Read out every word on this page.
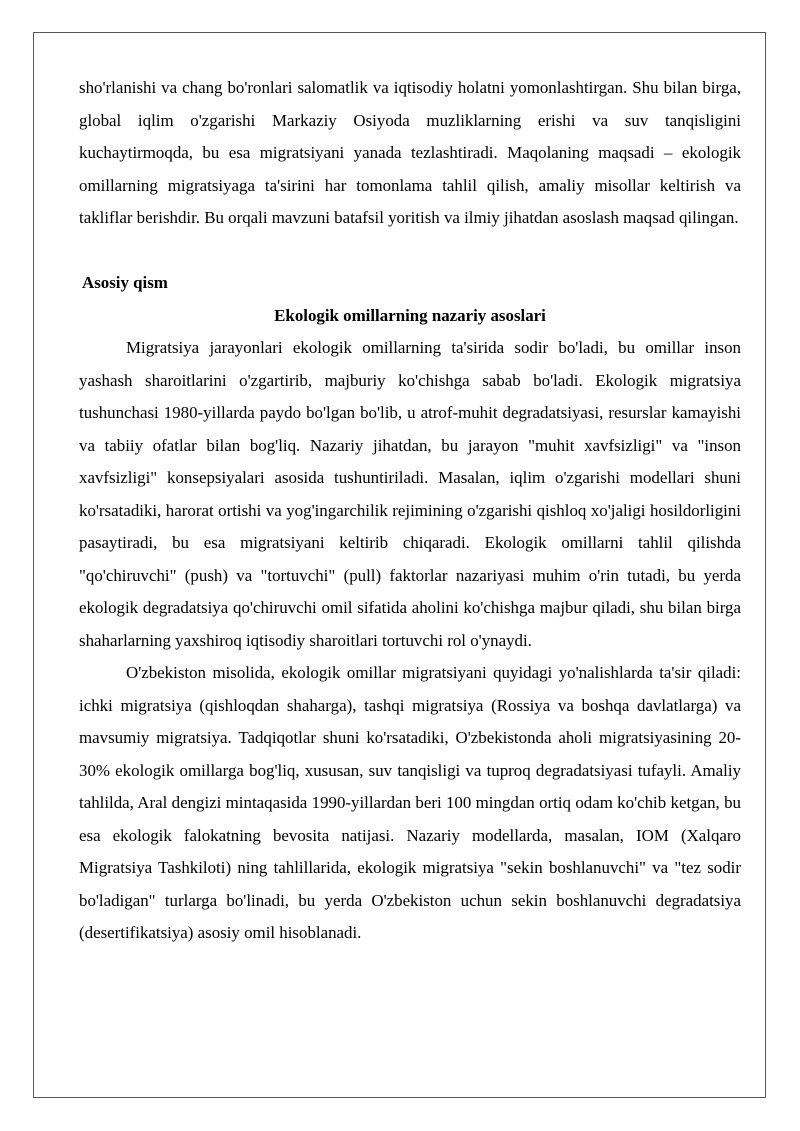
sho'rlanishi va chang bo'ronlari salomatlik va iqtisodiy holatni yomonlashtirgan. Shu bilan birga, global iqlim o'zgarishi Markaziy Osiyoda muzliklarning erishi va suv tanqisligini kuchaytirmoqda, bu esa migratsiyani yanada tezlashtiradi. Maqolaning maqsadi – ekologik omillarning migratsiyaga ta'sirini har tomonlama tahlil qilish, amaliy misollar keltirish va takliflar berishdir. Bu orqali mavzuni batafsil yoritish va ilmiy jihatdan asoslash maqsad qilingan.

Asosiy qism

Ekologik omillarning nazariy asoslari

Migratsiya jarayonlari ekologik omillarning ta'sirida sodir bo'ladi, bu omillar inson yashash sharoitlarini o'zgartirib, majburiy ko'chishga sabab bo'ladi. Ekologik migratsiya tushunchasi 1980-yillarda paydo bo'lgan bo'lib, u atrof-muhit degradatsiyasi, resurslar kamayishi va tabiiy ofatlar bilan bog'liq. Nazariy jihatdan, bu jarayon "muhit xavfsizligi" va "inson xavfsizligi" konsepsiyalari asosida tushuntiriladi. Masalan, iqlim o'zgarishi modellari shuni ko'rsatadiki, harorat ortishi va yog'ingarchilik rejimining o'zgarishi qishloq xo'jaligi hosildorligini pasaytiradi, bu esa migratsiyani keltirib chiqaradi. Ekologik omillarni tahlil qilishda "qo'chiruvchi" (push) va "tortuvchi" (pull) faktorlar nazariyasi muhim o'rin tutadi, bu yerda ekologik degradatsiya qo'chiruvchi omil sifatida aholini ko'chishga majbur qiladi, shu bilan birga shaharlarning yaxshiroq iqtisodiy sharoitlari tortuvchi rol o'ynaydi.

O'zbekiston misolida, ekologik omillar migratsiyani quyidagi yo'nalishlarda ta'sir qiladi: ichki migratsiya (qishloqdan shaharga), tashqi migratsiya (Rossiya va boshqa davlatlarga) va mavsumiy migratsiya. Tadqiqotlar shuni ko'rsatadiki, O'zbekistonda aholi migratsiyasining 20-30% ekologik omillarga bog'liq, xususan, suv tanqisligi va tuproq degradatsiyasi tufayli. Amaliy tahlilda, Aral dengizi mintaqasida 1990-yillardan beri 100 mingdan ortiq odam ko'chib ketgan, bu esa ekologik falokatning bevosita natijasi. Nazariy modellarda, masalan, IOM (Xalqaro Migratsiya Tashkiloti) ning tahlillarida, ekologik migratsiya "sekin boshlanuvchi" va "tez sodir bo'ladigan" turlarga bo'linadi, bu yerda O'zbekiston uchun sekin boshlanuvchi degradatsiya (desertifikatsiya) asosiy omil hisoblanadi.
